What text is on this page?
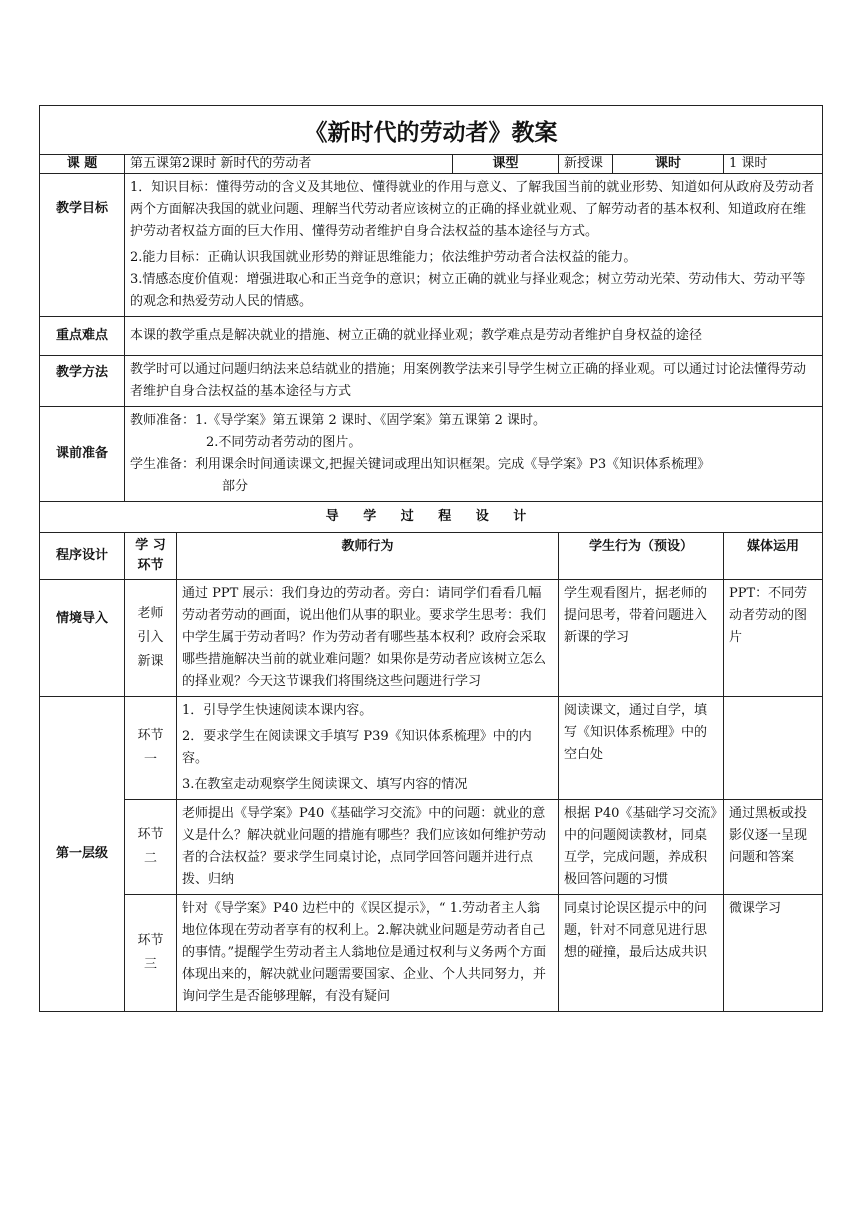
《新时代的劳动者》教案						
课 题	第五课第2课时 新时代的劳动者		课型	新授课	课时	1 课时
教学目标	1．知识目标：懂得劳动的含义及其地位、懂得就业的作用与意义、了解我国当前的就业形势、知道如何从政府及劳动者两个方面解决我国的就业问题、理解当代劳动者应该树立的正确的择业就业观、了解劳动者的基本权利、知道政府在维护劳动者权益方面的巨大作用、懂得劳动者维护自身合法权益的基本途径与方式。
2.能力目标：正确认识我国就业形势的辩证思维能力；依法维护劳动者合法权益的能力。
3.情感态度价值观：增强进取心和正当竞争的意识；树立正确的就业与择业观念；树立劳动光荣、劳动伟大、劳动平等的观念和热爱劳动人民的情感。					

重点难点	本课的教学重点是解决就业的措施、树立正确的就业择业观；教学难点是劳动者维护自身权益的途径					
教学方法	教学时可以通过问题归纳法来总结就业的措施；用案例教学法来引导学生树立正确的择业观。可以通过讨论法懂得劳动者维护自身合法权益的基本途径与方式					
课前准备	教师准备：1.《导学案》第五课第 2 课时、《固学案》第五课第 2 课时。
2.不同劳动者劳动的图片。
学生准备：利用课余时间通读课文,把握关键词或理出知识框架。完成《导学案》P3《知识体系梳理》
部分					

导 学 过 程 设 计						
程序设计	学 习 环节	教师行为		学生行为（预设）		媒体运用
情境导入	老师引入新课	通过 PPT 展示：我们身边的劳动者。旁白：请同学们看看几幅劳动者劳动的画面，说出他们从事的职业。要求学生思考：我们中学生属于劳动者吗？作为劳动者有哪些基本权利？政府会采取哪些措施解决当前的就业难问题？如果你是劳动者应该树立怎么的择业观？今天这节课我们将围绕这些问题进行学习		学生观看图片，据老师的提问思考，带着问题进入新课的学习		PPT：不同劳动者劳动的图片
第一层级	环节一	1．引导学生快速阅读本课内容。
2．要求学生在阅读课文手填写 P39《知识体系梳理》中的内容。
3.在教室走动观察学生阅读课文、填写内容的情况		阅读课文，通过自学，填写《知识体系梳理》中的空白处		
	环节二	老师提出《导学案》P40《基础学习交流》中的问题：就业的意义是什么？解决就业问题的措施有哪些？我们应该如何维护劳动者的合法权益？要求学生同桌讨论，点同学回答问题并进行点拨、归纳		根据 P40《基础学习交流》中的问题阅读教材，同桌互学，完成问题，养成积极回答问题的习惯		通过黑板或投影仪逐一呈现问题和答案
	环节三	针对《导学案》P40 边栏中的《误区提示》，“ 1.劳动者主人翁地位体现在劳动者享有的权利上。2.解决就业问题是劳动者自己的事情。”提醒学生劳动者主人翁地位是通过权利与义务两个方面体现出来的，解决就业问题需要国家、企业、个人共同努力，并询问学生是否能够理解，有没有疑问		同桌讨论误区提示中的问题，针对不同意见进行思想的碰撞，最后达成共识		微课学习
